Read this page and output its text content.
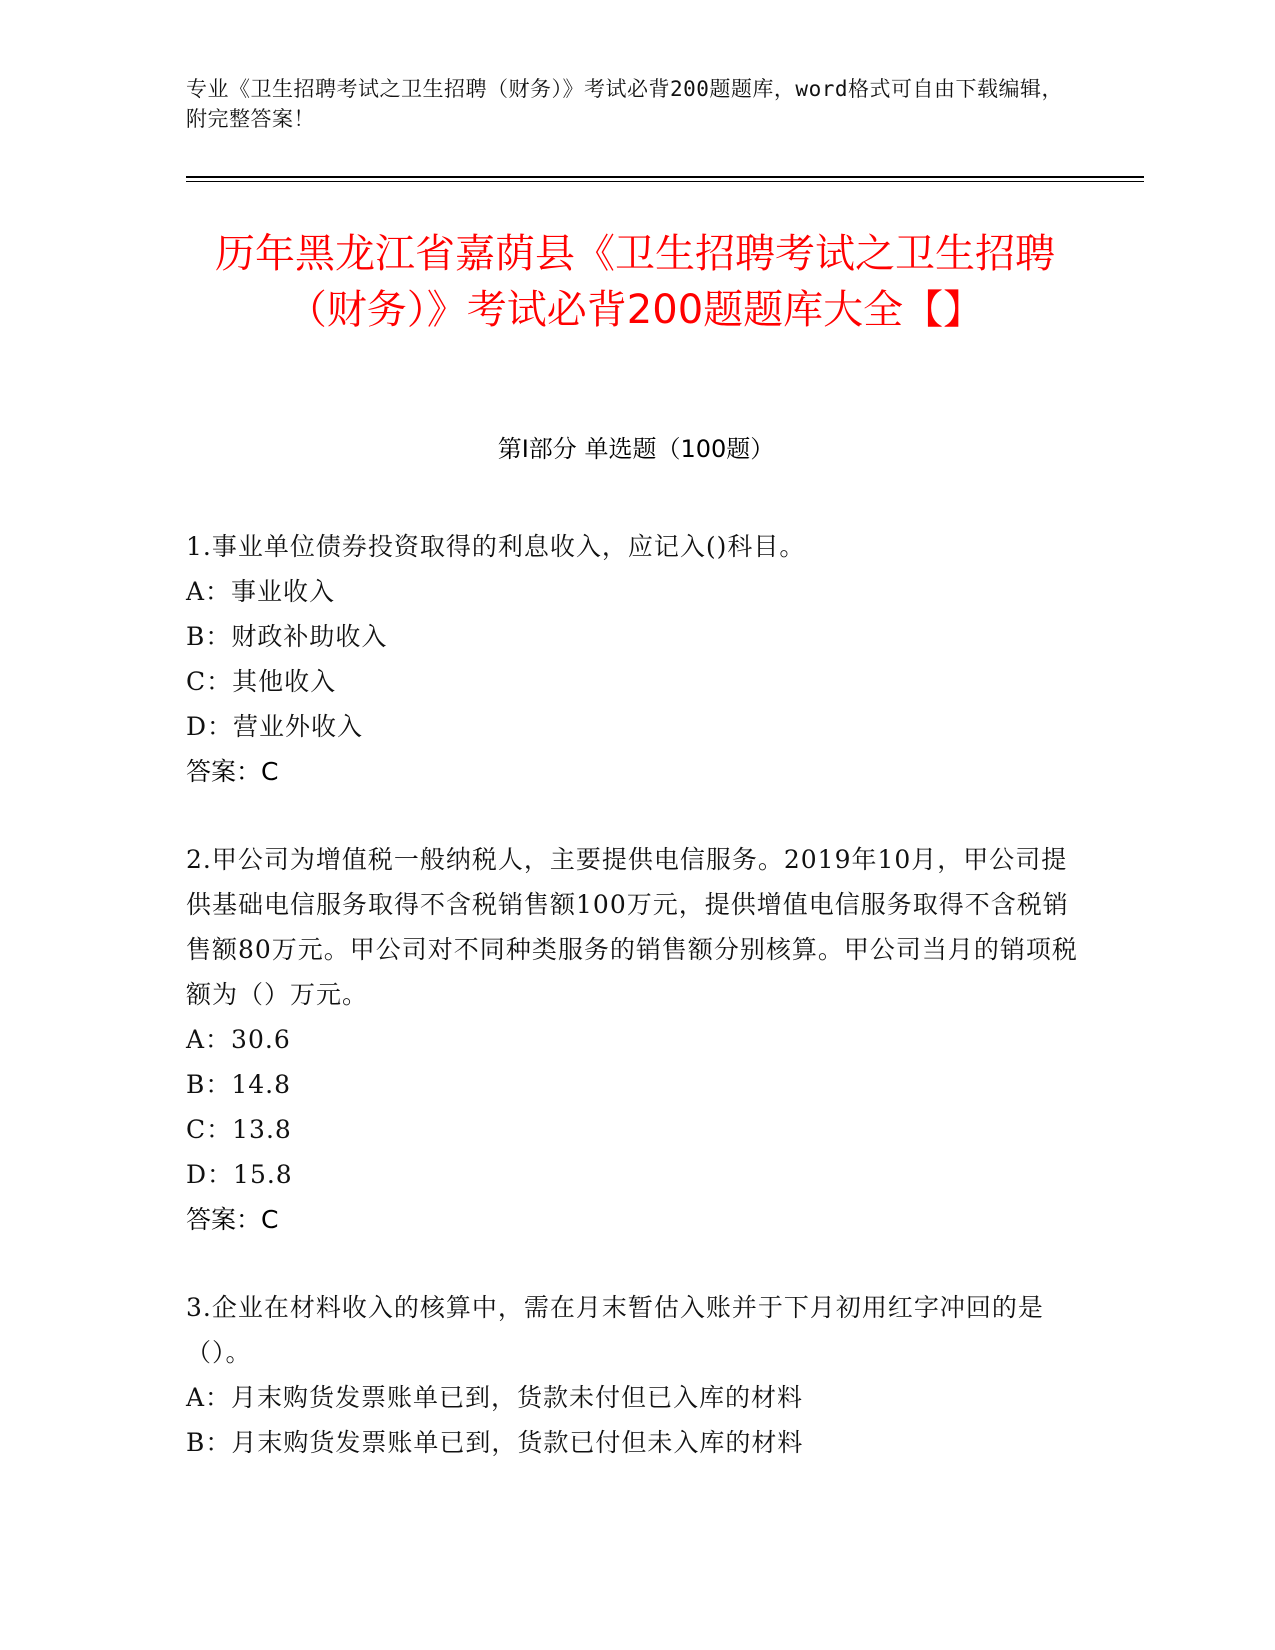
专业《卫生招聘考试之卫生招聘（财务）》考试必背200题题库，word格式可自由下载编辑，附完整答案！
历年黑龙江省嘉荫县《卫生招聘考试之卫生招聘（财务）》考试必背200题题库大全【】
第Ⅰ部分 单选题（100题）
1.事业单位债券投资取得的利息收入，应记入()科目。
A：事业收入
B：财政补助收入
C：其他收入
D：营业外收入
答案：C
2.甲公司为增值税一般纳税人，主要提供电信服务。2019年10月，甲公司提供基础电信服务取得不含税销售额100万元，提供增值电信服务取得不含税销售额80万元。甲公司对不同种类服务的销售额分别核算。甲公司当月的销项税额为（）万元。
A：30.6
B：14.8
C：13.8
D：15.8
答案：C
3.企业在材料收入的核算中，需在月末暂估入账并于下月初用红字冲回的是（）。
A：月末购货发票账单已到，货款未付但已入库的材料
B：月末购货发票账单已到，货款已付但未入库的材料
